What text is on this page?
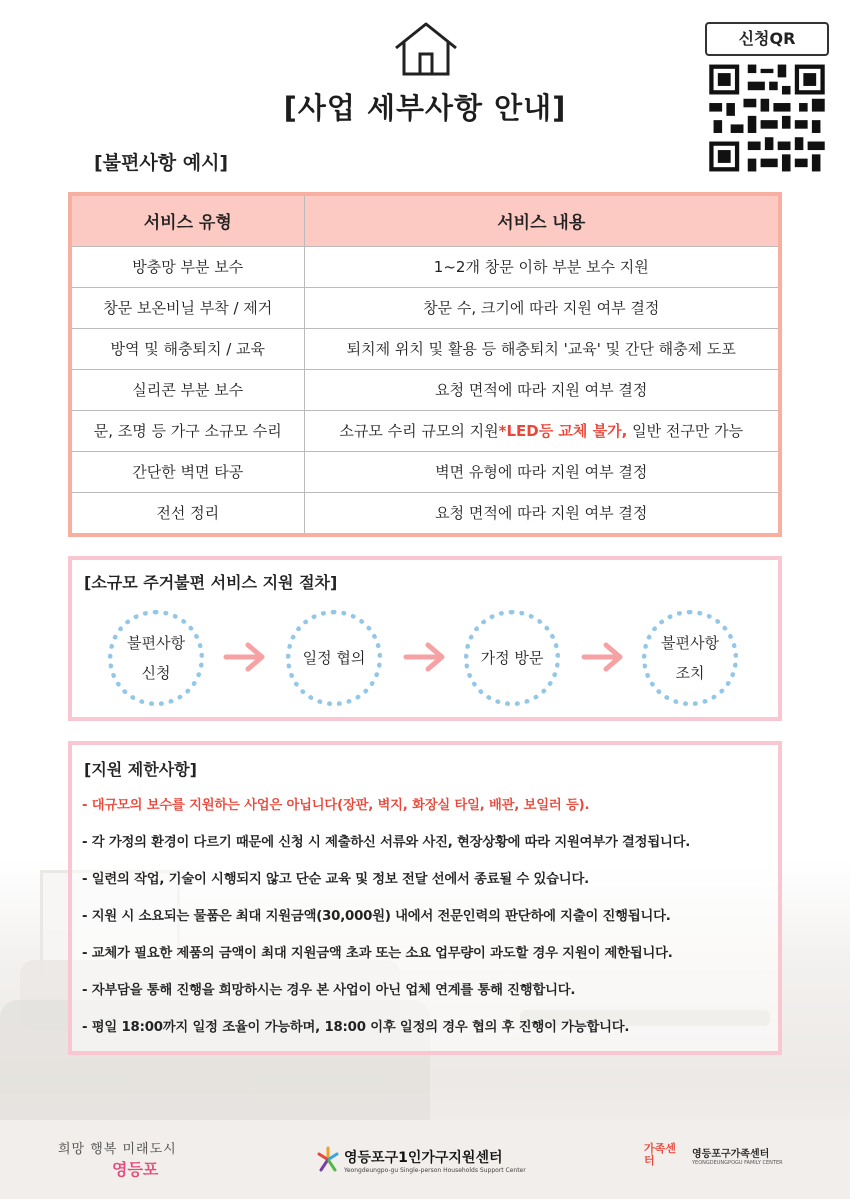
[사업 세부사항 안내]
신청QR
[불편사항 예시]
서비스 유형	서비스 내용
방충망 부분 보수	1~2개 창문 이하 부분 보수 지원
창문 보온비닐 부착 / 제거	창문 수, 크기에 따라 지원 여부 결정
방역 및 해충퇴치 / 교육	퇴치제 위치 및 활용 등 해충퇴치 '교육' 및 간단 해충제 도포
실리콘 부분 보수	요청 면적에 따라 지원 여부 결정
문, 조명 등 가구 소규모 수리	소규모 수리 규모의 지원*LED등 교체 불가, 일반 전구만 가능
간단한 벽면 타공	벽면 유형에 따라 지원 여부 결정
전선 정리	요청 면적에 따라 지원 여부 결정
[소규모 주거불편 서비스 지원 절차]
불편사항
신청
일정 협의	가정 방문
불편사항
조치
[지원 제한사항]
- 대규모의 보수를 지원하는 사업은 아닙니다(장판, 벽지, 화장실 타일, 배관, 보일러 등).
- 각 가정의 환경이 다르기 때문에 신청 시 제출하신 서류와 사진, 현장상황에 따라 지원여부가 결정됩니다.
- 일련의 작업, 기술이 시행되지 않고 단순 교육 및 정보 전달 선에서 종료될 수 있습니다.
- 지원 시 소요되는 물품은 최대 지원금액(30,000원) 내에서 전문인력의 판단하에 지출이 진행됩니다.
- 교체가 필요한 제품의 금액이 최대 지원금액 초과 또는 소요 업무량이 과도할 경우 지원이 제한됩니다.
- 자부담을 통해 진행을 희망하시는 경우 본 사업이 아닌 업체 연계를 통해 진행합니다.
- 평일 18:00까지 일정 조율이 가능하며, 18:00 이후 일정의 경우 협의 후 진행이 가능합니다.
희망 행복 미래도시
영등포
영등포구1인가구지원센터
Yeongdeungpo-gu Single-person Households Support Center
가족센터	영등포구가족센터
YEONGDEUNGPOGU FAMILY CENTER
